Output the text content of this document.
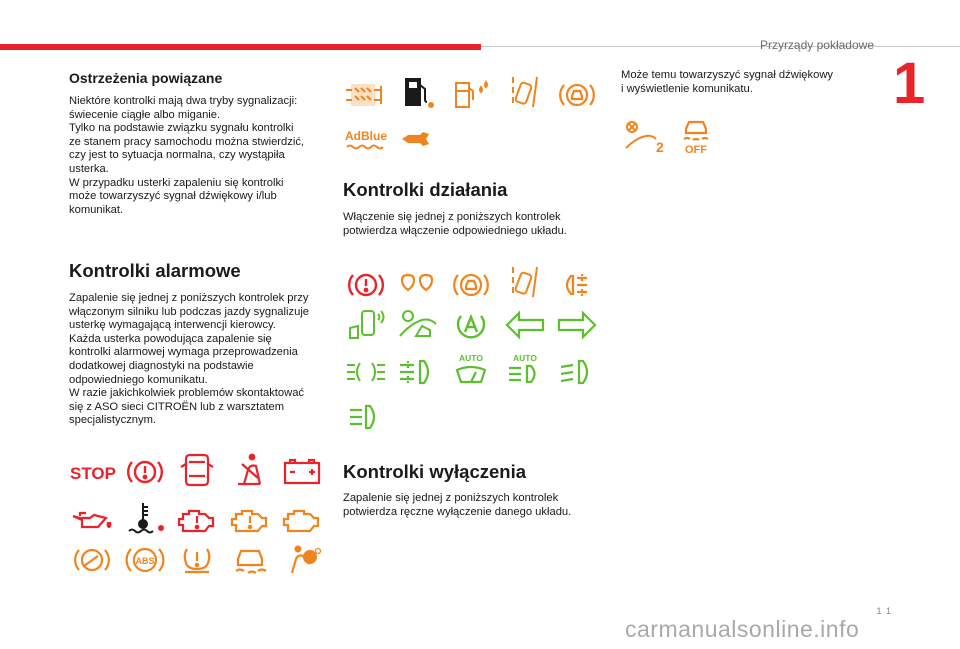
Przyrządy pokładowe
1
Ostrzeżenia powiązane
Niektóre kontrolki mają dwa tryby sygnalizacji:
świecenie ciągłe albo miganie.
Tylko na podstawie związku sygnału kontrolki
ze stanem pracy samochodu można stwierdzić,
czy jest to sytuacja normalna, czy wystąpiła
usterka.
W przypadku usterki zapaleniu się kontrolki
może towarzyszyć sygnał dźwiękowy i/lub
komunikat.
Kontrolki alarmowe
Zapalenie się jednej z poniższych kontrolek przy
włączonym silniku lub podczas jazdy sygnalizuje
usterkę wymagającą interwencji kierowcy.
Każda usterka powodująca zapalenie się
kontrolki alarmowej wymaga przeprowadzenia
dodatkowej diagnostyki na podstawie
odpowiedniego komunikatu.
W razie jakichkolwiek problemów skontaktować
się z ASO sieci CITROËN lub z warsztatem
specjalistycznym.
Kontrolki działania
Włączenie się jednej z poniższych kontrolek
potwierdza włączenie odpowiedniego układu.
Kontrolki wyłączenia
Zapalenie się jednej z poniższych kontrolek
potwierdza ręczne wyłączenie danego układu.
Może temu towarzyszyć sygnał dźwiękowy
i wyświetlenie komunikatu.
STOP
ABS
AdBlue
AUTO	AUTO
2 OFF
1 1
carmanualsonline.info
